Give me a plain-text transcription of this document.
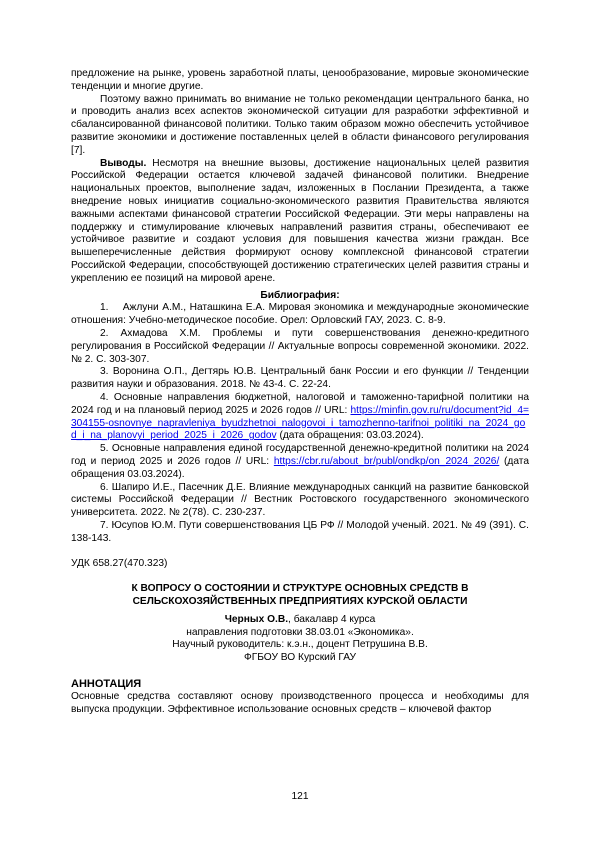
предложение на рынке, уровень заработной платы, ценообразование, мировые экономические тенденции и многие другие.

Поэтому важно принимать во внимание не только рекомендации центрального банка, но и проводить анализ всех аспектов экономической ситуации для разработки эффективной и сбалансированной финансовой политики. Только таким образом можно обеспечить устойчивое развитие экономики и достижение поставленных целей в области финансового регулирования [7].

Выводы. Несмотря на внешние вызовы, достижение национальных целей развития Российской Федерации остается ключевой задачей финансовой политики. Внедрение национальных проектов, выполнение задач, изложенных в Послании Президента, а также внедрение новых инициатив социально-экономического развития Правительства являются важными аспектами финансовой стратегии Российской Федерации. Эти меры направлены на поддержку и стимулирование ключевых направлений развития страны, обеспечивают ее устойчивое развитие и создают условия для повышения качества жизни граждан. Все вышеперечисленные действия формируют основу комплексной финансовой стратегии Российской Федерации, способствующей достижению стратегических целей развития страны и укреплению ее позиций на мировой арене.

Библиография:

1.    Ажлуни А.М., Наташкина Е.А. Мировая экономика и международные экономические отношения: Учебно-методическое пособие. Орел: Орловский ГАУ, 2023. С. 8-9.

2. Ахмадова Х.М. Проблемы и пути совершенствования денежно-кредитного регулирования в Российской Федерации // Актуальные вопросы современной экономики. 2022. № 2. С. 303-307.

3. Воронина О.П., Дегтярь Ю.В. Центральный банк России и его функции // Тенденции развития науки и образования. 2018. № 43-4. С. 22-24.

4. Основные направления бюджетной, налоговой и таможенно-тарифной политики на 2024 год и на плановый период 2025 и 2026 годов // URL: https://minfin.gov.ru/ru/document?id_4=304155-osnovnye_napravleniya_byudzhetnoi_nalogovoi_i_tamozhenno-tarifnoi_politiki_na_2024_god_i_na_planovyi_period_2025_i_2026_godov (дата обращения: 03.03.2024).

5. Основные направления единой государственной денежно-кредитной политики на 2024 год и период 2025 и 2026 годов // URL: https://cbr.ru/about_br/publ/ondkp/on_2024_2026/ (дата обращения 03.03.2024).

6. Шапиро И.Е., Пасечник Д.Е. Влияние международных санкций на развитие банковской системы Российской Федерации // Вестник Ростовского государственного экономического университета. 2022. № 2(78). С. 230-237.

7. Юсупов Ю.М. Пути совершенствования ЦБ РФ // Молодой ученый. 2021. № 49 (391). С. 138-143.

УДК 658.27(470.323)
К ВОПРОСУ О СОСТОЯНИИ И СТРУКТУРЕ ОСНОВНЫХ СРЕДСТВ В СЕЛЬСКОХОЗЯЙСТВЕННЫХ ПРЕДПРИЯТИЯХ КУРСКОЙ ОБЛАСТИ
Черных О.В., бакалавр 4 курса
направления подготовки 38.03.01 «Экономика».
Научный руководитель: к.э.н., доцент Петрушина В.В.
ФГБОУ ВО Курский ГАУ
АННОТАЦИЯ

Основные средства составляют основу производственного процесса и необходимы для выпуска продукции. Эффективное использование основных средств – ключевой фактор

121
